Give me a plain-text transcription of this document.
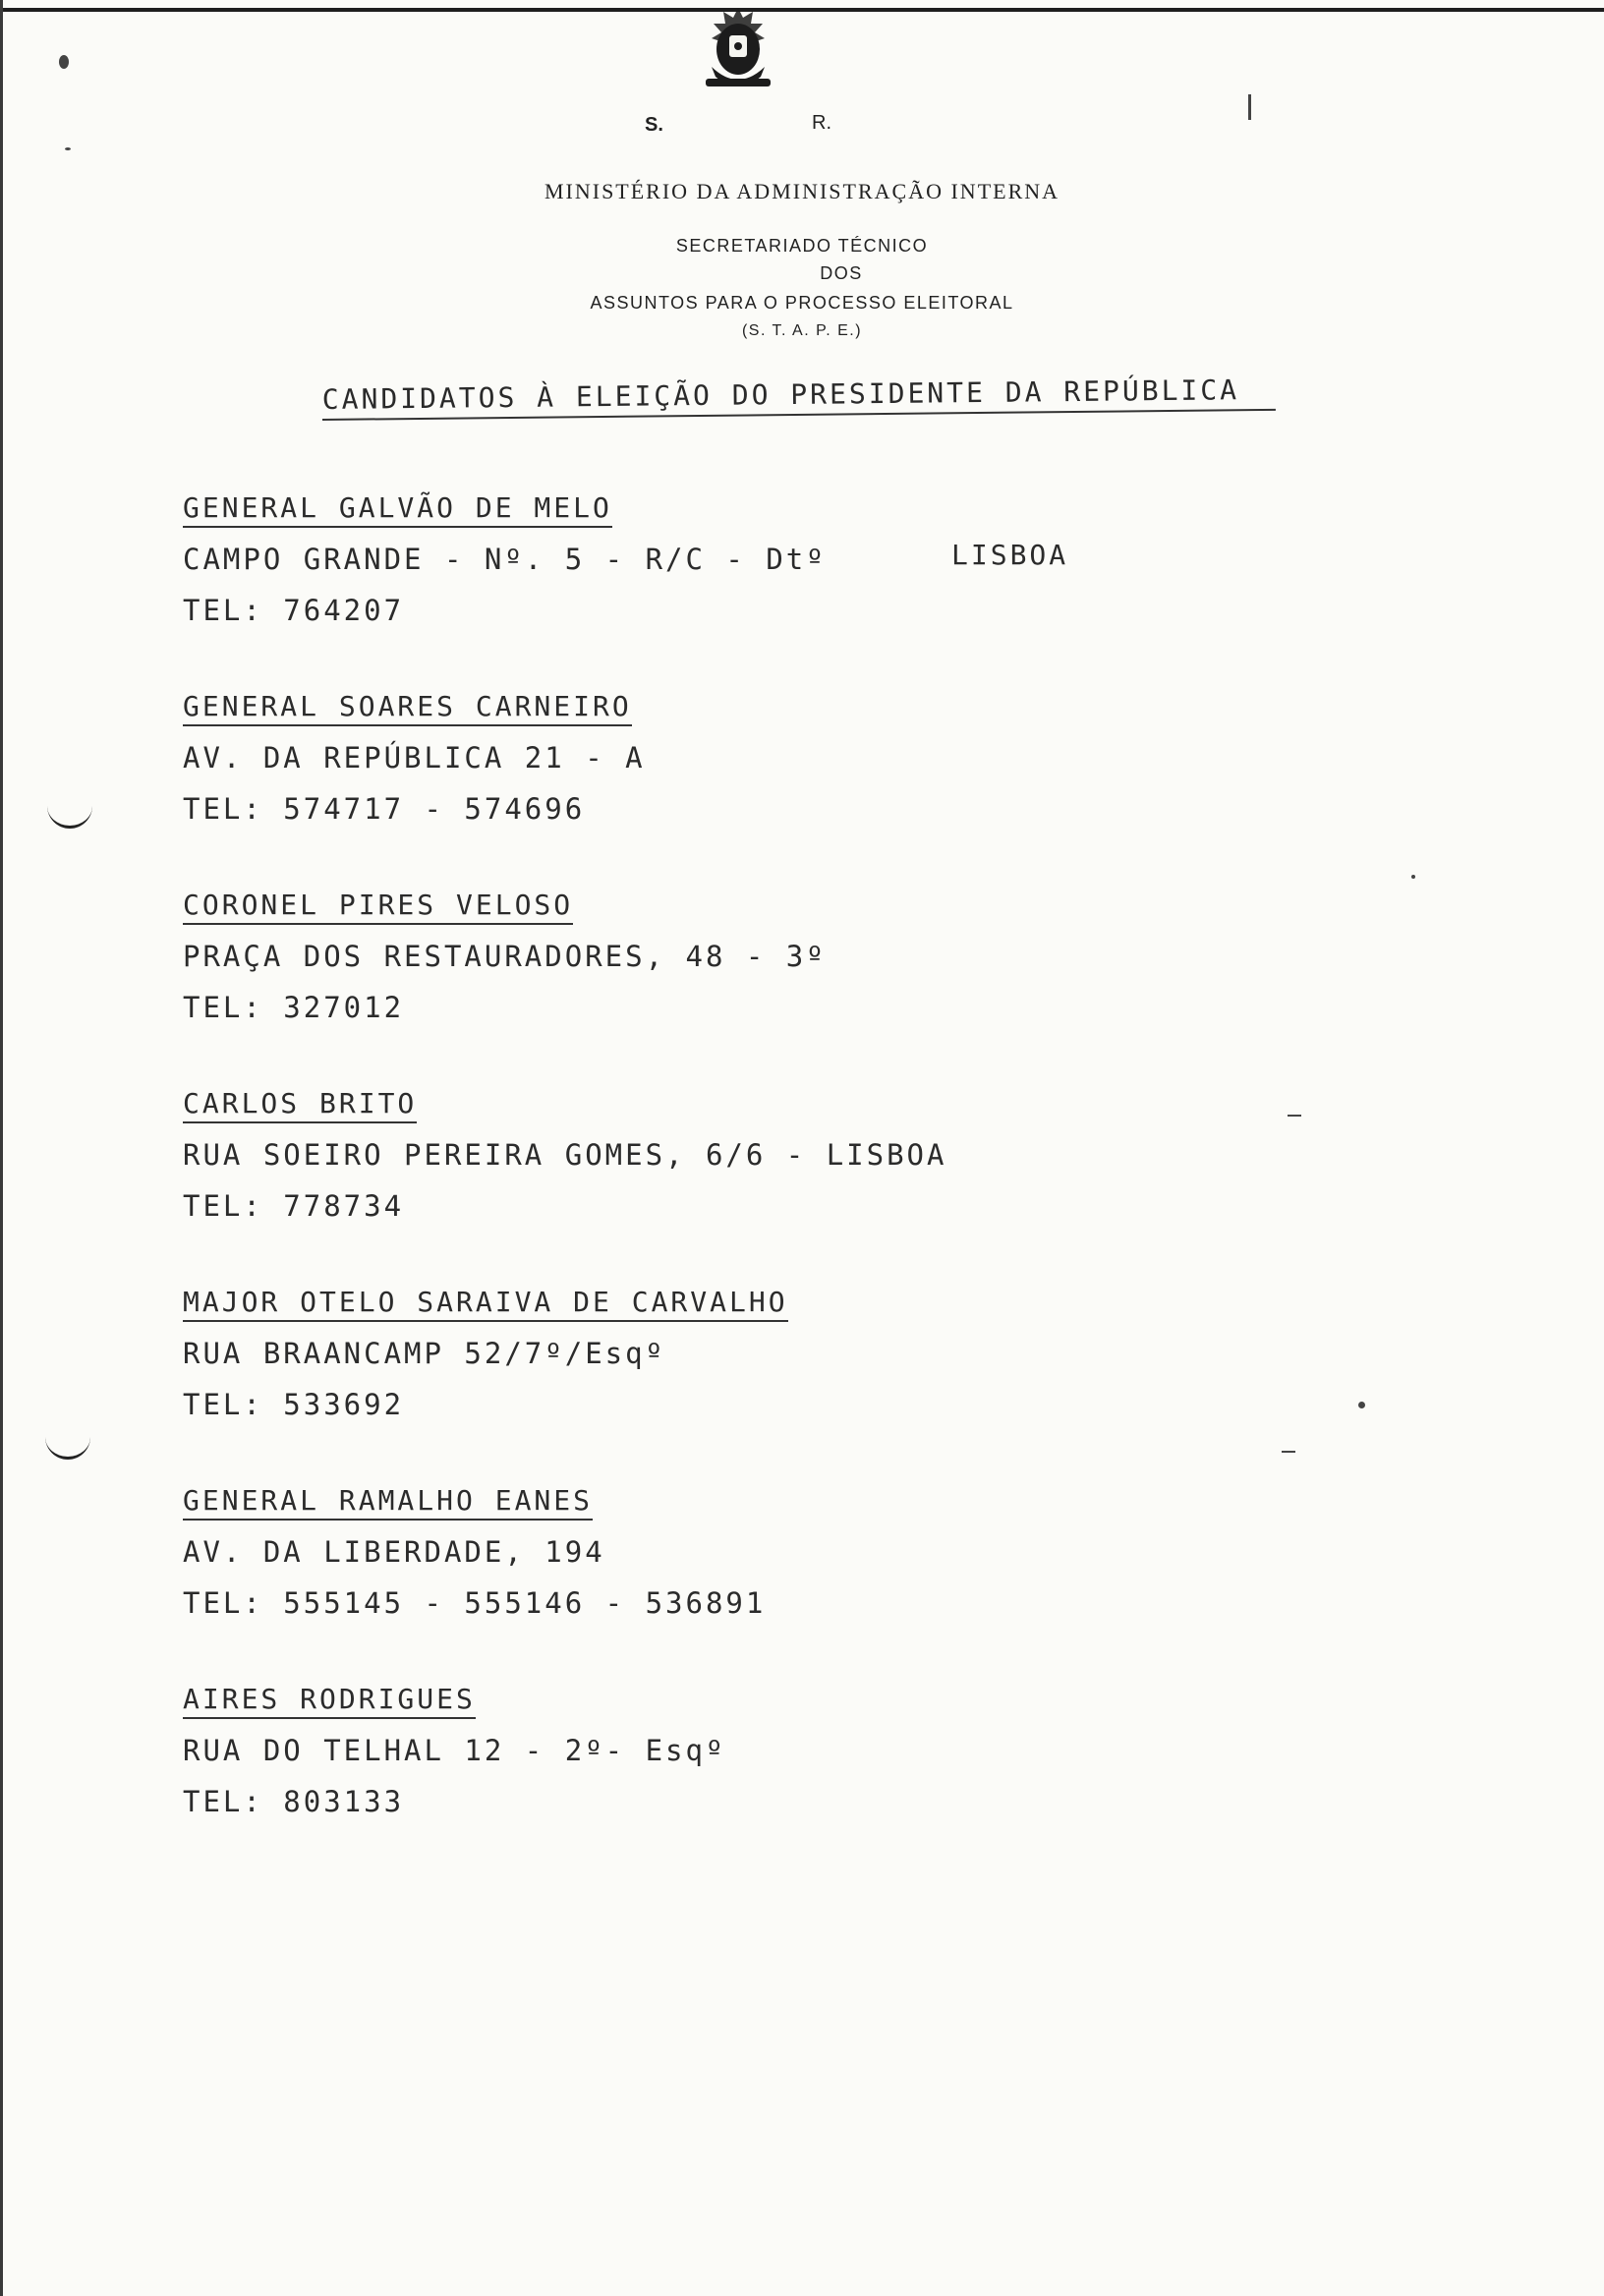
S.	R.
MINISTÉRIO DA ADMINISTRAÇÃO INTERNA
SECRETARIADO TÉCNICO
DOS
ASSUNTOS PARA O PROCESSO ELEITORAL
(S. T. A. P. E.)
CANDIDATOS À ELEIÇÃO DO PRESIDENTE DA REPÚBLICA
GENERAL GALVÃO DE MELO
CAMPO GRANDE - Nº. 5 - R/C - Dtº	LISBOA
TEL: 764207
GENERAL SOARES CARNEIRO
AV. DA REPÚBLICA 21 - A
TEL: 574717 - 574696
CORONEL PIRES VELOSO
PRAÇA DOS RESTAURADORES, 48 - 3º
TEL: 327012
CARLOS BRITO
RUA SOEIRO PEREIRA GOMES, 6/6 - LISBOA
TEL: 778734
MAJOR OTELO SARAIVA DE CARVALHO
RUA BRAANCAMP 52/7º/Esqº
TEL: 533692
GENERAL RAMALHO EANES
AV. DA LIBERDADE, 194
TEL: 555145 - 555146 - 536891
AIRES RODRIGUES
RUA DO TELHAL 12 - 2º- Esqº
TEL: 803133
